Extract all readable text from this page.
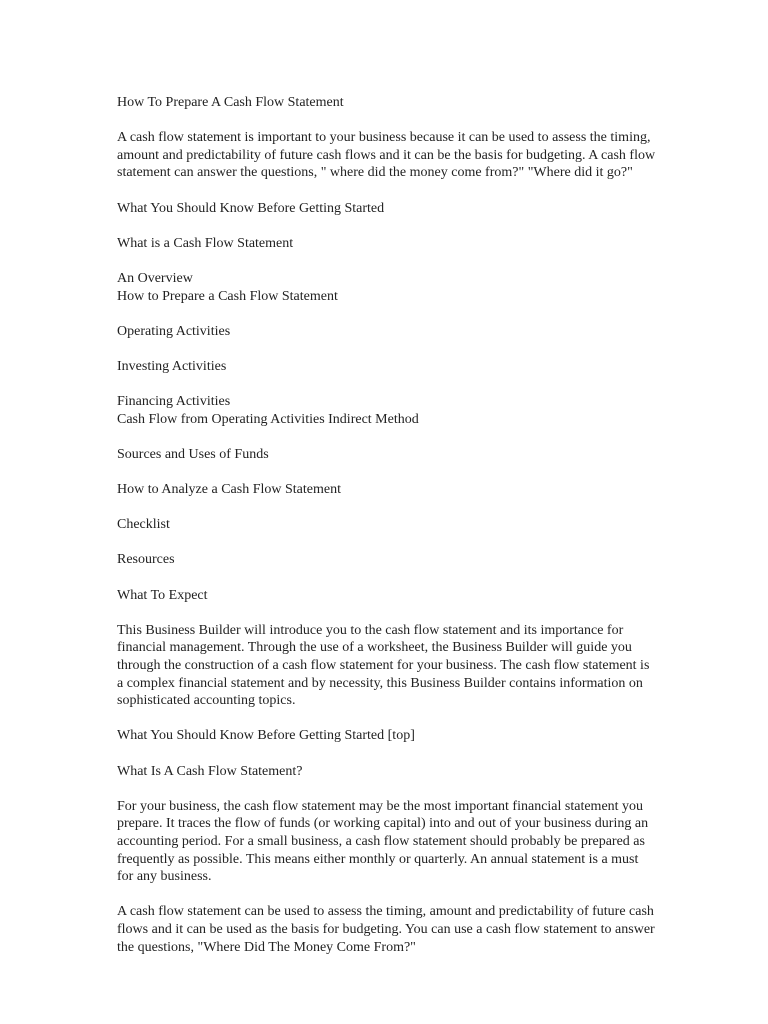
How To Prepare A Cash Flow Statement

A cash flow statement is important to your business because it can be used to assess the timing, amount and predictability of future cash flows and it can be the basis for budgeting. A cash flow statement can answer the questions, " where did the money come from?" "Where did it go?"

What You Should Know Before Getting Started

What is a Cash Flow Statement

An Overview
How to Prepare a Cash Flow Statement

Operating Activities

Investing Activities

Financing Activities
Cash Flow from Operating Activities Indirect Method

Sources and Uses of Funds

How to Analyze a Cash Flow Statement

Checklist

Resources

What To Expect

This Business Builder will introduce you to the cash flow statement and its importance for financial management. Through the use of a worksheet, the Business Builder will guide you through the construction of a cash flow statement for your business. The cash flow statement is a complex financial statement and by necessity, this Business Builder contains information on sophisticated accounting topics.

What You Should Know Before Getting Started [top]

What Is A Cash Flow Statement?

For your business, the cash flow statement may be the most important financial statement you prepare. It traces the flow of funds (or working capital) into and out of your business during an accounting period. For a small business, a cash flow statement should probably be prepared as frequently as possible. This means either monthly or quarterly. An annual statement is a must for any business.

A cash flow statement can be used to assess the timing, amount and predictability of future cash flows and it can be used as the basis for budgeting. You can use a cash flow statement to answer the questions, "Where Did The Money Come From?"
